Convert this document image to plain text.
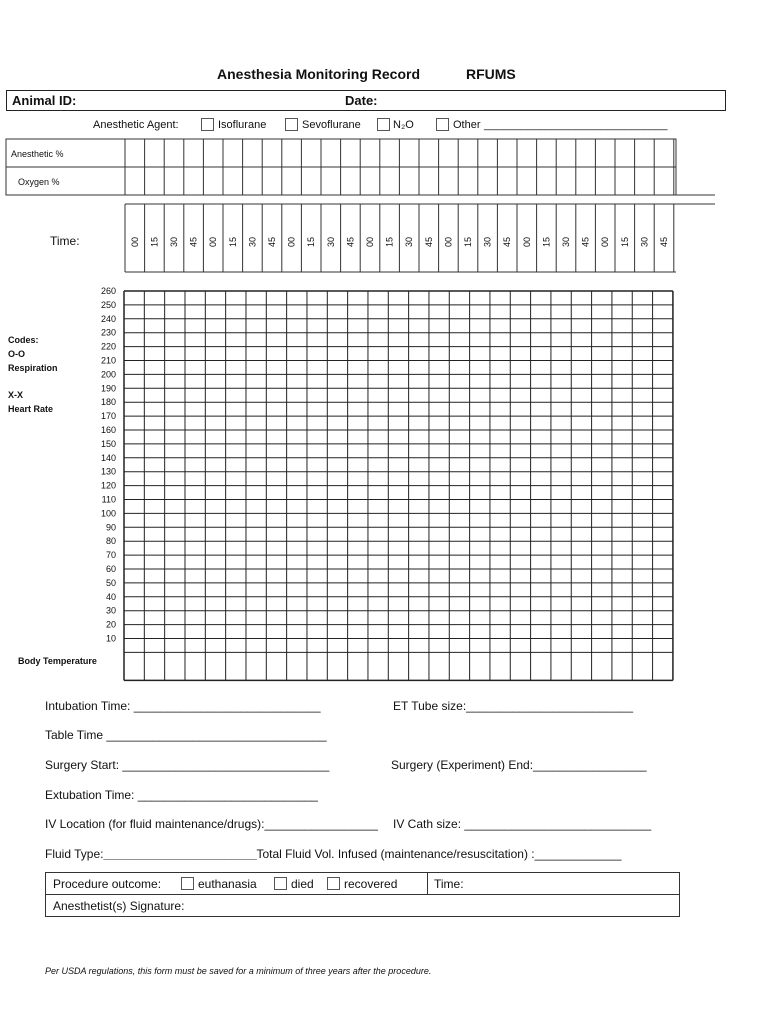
Anesthesia Monitoring Record	RFUMS
Animal ID:	Date:
Anesthetic Agent:	Isoflurane	Sevoflurane	N₂O	Other ______________________________
Anesthetic %
Oxygen %
Time:	00 15 30 45 00 15 30 45 00 15 30 45 00 15 30 45 00 15 30 45 00 15 30 45 00 15 30 45
260
250
240
230
220
210
200
190
180
170
160
150
140
130
120
110
100
90
80
70
60
50
40
30
20
10
Codes:
O-O
Respiration
X-X
Heart Rate
Body Temperature
Intubation Time: ____________________________	ET Tube size:_________________________
Table Time _________________________________
Surgery Start: _______________________________	Surgery (Experiment) End:_________________
Extubation Time: ___________________________
IV Location (for fluid maintenance/drugs):_________________ IV Cath size: ____________________________
Fluid Type:________________________Total Fluid Vol. Infused (maintenance/resuscitation) :_____________
Procedure outcome:	euthanasia	died	recovered	Time:
Anesthetist(s) Signature:
Per USDA regulations, this form must be saved for a minimum of three years after the procedure.
